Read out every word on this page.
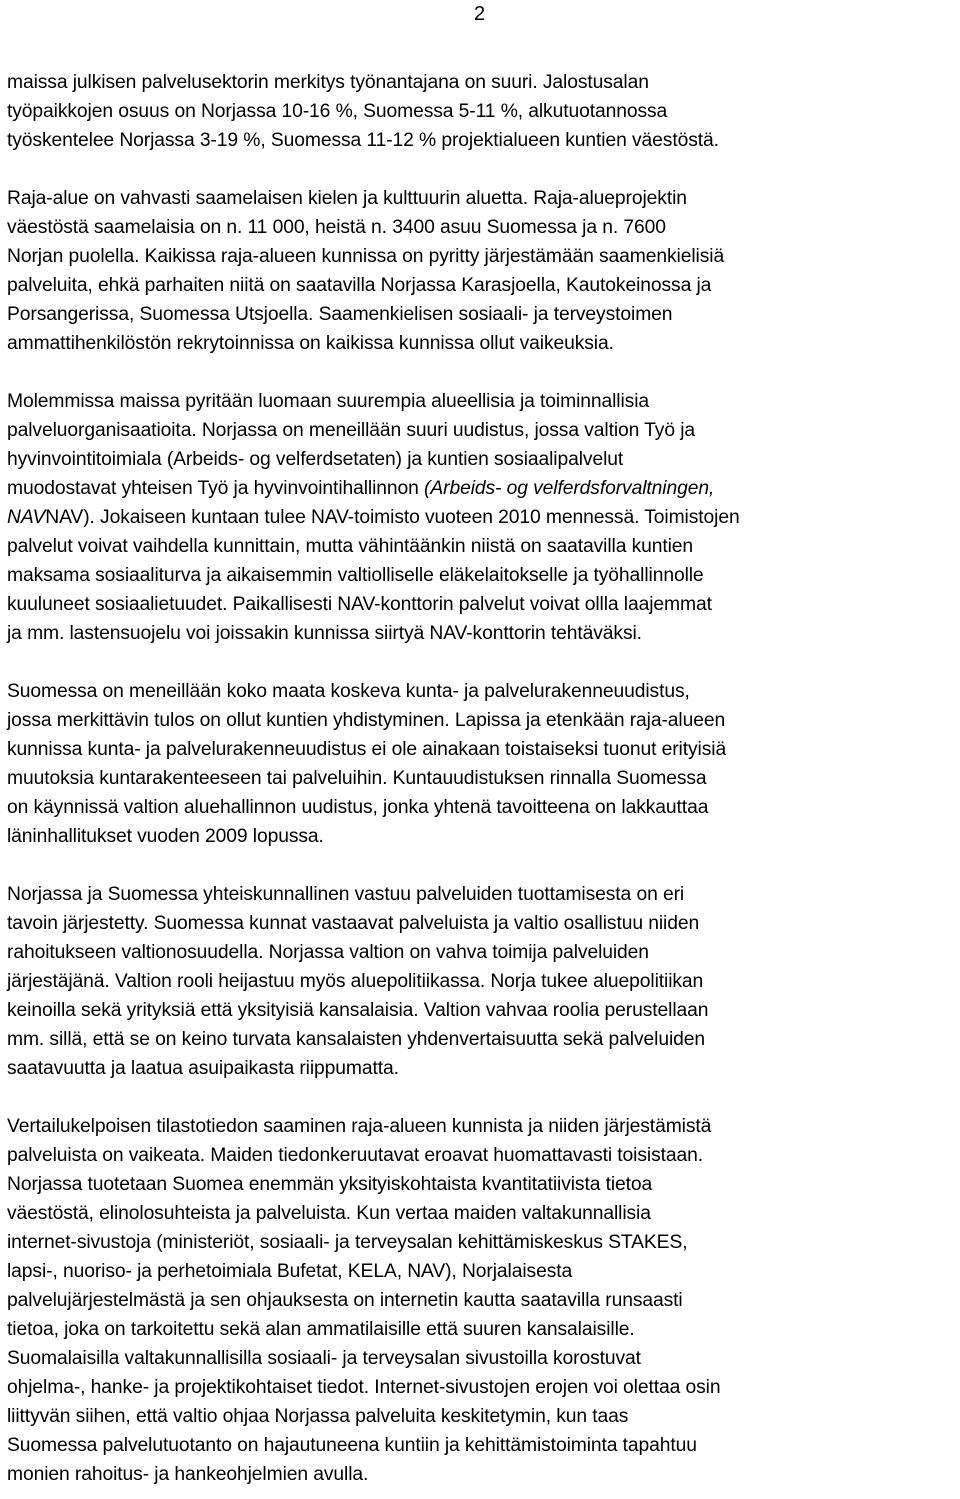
2
maissa julkisen palvelusektorin merkitys työnantajana on suuri. Jalostusalan
työpaikkojen osuus on Norjassa 10-16 %, Suomessa 5-11 %, alkutuotannossa
työskentelee Norjassa 3-19 %, Suomessa 11-12 % projektialueen kuntien väestöstä.
Raja-alue on vahvasti saamelaisen kielen ja kulttuurin aluetta. Raja-alueprojektin
väestöstä saamelaisia on n. 11 000, heistä n. 3400 asuu Suomessa ja n. 7600
Norjan puolella. Kaikissa raja-alueen kunnissa on pyritty järjestämään saamenkielisiä
palveluita, ehkä parhaiten niitä on saatavilla Norjassa Karasjoella, Kautokeinossa ja
Porsangerissa, Suomessa Utsjoella. Saamenkielisen sosiaali- ja terveystoimen
ammattihenkilöstön rekrytoinnissa on kaikissa kunnissa ollut vaikeuksia.
Molemmissa maissa pyritään luomaan suurempia alueellisia ja toiminnallisia
palveluorganisaatioita. Norjassa on meneillään suuri uudistus, jossa valtion Työ ja
hyvinvointitoimiala (Arbeids- og velferdsetaten) ja kuntien sosiaalipalvelut
muodostavat yhteisen Työ ja hyvinvointihallinnon (Arbeids- og velferdsforvaltningen,
NAVNAV). Jokaiseen kuntaan tulee NAV-toimisto vuoteen 2010 mennessä. Toimistojen
palvelut voivat vaihdella kunnittain, mutta vähintäänkin niistä on saatavilla kuntien
maksama sosiaaliturva ja aikaisemmin valtiolliselle eläkelaitokselle ja työhallinnolle
kuuluneet sosiaalietuudet. Paikallisesti NAV-konttorin palvelut voivat ollla laajemmat
ja mm. lastensuojelu voi joissakin kunnissa siirtyä NAV-konttorin tehtäväksi.
Suomessa on meneillään koko maata koskeva kunta- ja palvelurakenneuudistus,
jossa merkittävin tulos on ollut kuntien yhdistyminen. Lapissa ja etenkään raja-alueen
kunnissa kunta- ja palvelurakenneuudistus ei ole ainakaan toistaiseksi tuonut erityisiä
muutoksia kuntarakenteeseen tai palveluihin. Kuntauudistuksen rinnalla Suomessa
on käynnissä valtion aluehallinnon uudistus, jonka yhtenä tavoitteena on lakkauttaa
läninhallitukset vuoden 2009 lopussa.
Norjassa ja Suomessa yhteiskunnallinen vastuu palveluiden tuottamisesta on eri
tavoin järjestetty. Suomessa kunnat vastaavat palveluista ja valtio osallistuu niiden
rahoitukseen valtionosuudella. Norjassa valtion on vahva toimija palveluiden
järjestäjänä. Valtion rooli heijastuu myös aluepolitiikassa. Norja tukee aluepolitiikan
keinoilla sekä yrityksiä että yksityisiä kansalaisia. Valtion vahvaa roolia perustellaan
mm. sillä, että se on keino turvata kansalaisten yhdenvertaisuutta sekä palveluiden
saatavuutta ja laatua asuipaikasta riippumatta.
Vertailukelpoisen tilastotiedon saaminen raja-alueen kunnista ja niiden järjestämistä
palveluista on vaikeata. Maiden tiedonkeruutavat eroavat huomattavasti toisistaan.
Norjassa tuotetaan Suomea enemmän yksityiskohtaista kvantitatiivista tietoa
väestöstä, elinolosuhteista ja palveluista. Kun vertaa maiden valtakunnallisia
internet-sivustoja (ministeriöt, sosiaali- ja terveysalan kehittämiskeskus STAKES,
lapsi-, nuoriso- ja perhetoimiala Bufetat, KELA, NAV), Norjalaisesta
palvelujärjestelmästä ja sen ohjauksesta on internetin kautta saatavilla runsaasti
tietoa, joka on tarkoitettu sekä alan ammatilaisille että suuren kansalaisille.
Suomalaisilla valtakunnallisilla sosiaali- ja terveysalan sivustoilla korostuvat
ohjelma-, hanke- ja projektikohtaiset tiedot. Internet-sivustojen erojen voi olettaa osin
liittyvän siihen, että valtio ohjaa Norjassa palveluita keskitetymin, kun taas
Suomessa palvelutuotanto on hajautuneena kuntiin ja kehittämistoiminta tapahtuu
monien rahoitus- ja hankeohjelmien avulla.
